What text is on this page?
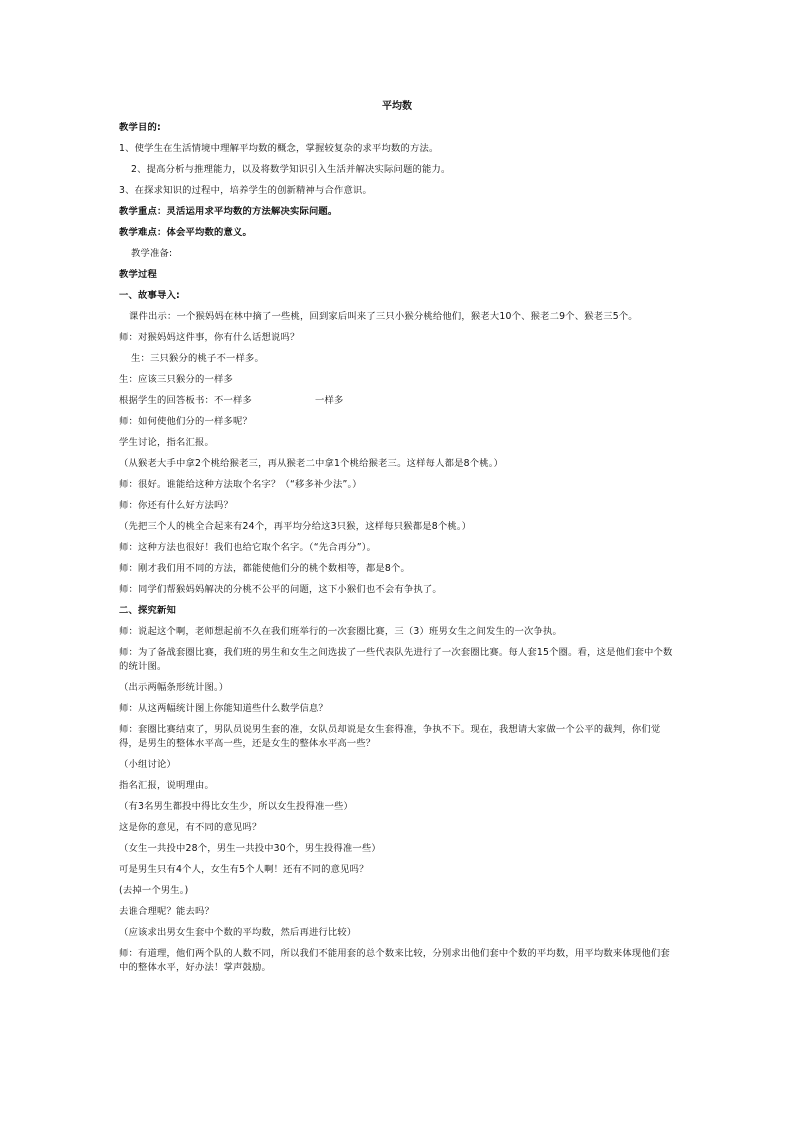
平均数
教学目的:
1、使学生在生活情境中理解平均数的概念，掌握较复杂的求平均数的方法。
2、提高分析与推理能力，以及将数学知识引入生活并解决实际问题的能力。
3、在探求知识的过程中，培养学生的创新精神与合作意识。
教学重点：灵活运用求平均数的方法解决实际问题。
教学难点：体会平均数的意义。
教学准备:
教学过程
一、故事导入:
课件出示：一个猴妈妈在林中摘了一些桃，回到家后叫来了三只小猴分桃给他们，猴老大10个、猴老二9个、猴老三5个。
师：对猴妈妈这件事，你有什么话想说吗？
生：三只猴分的桃子不一样多。
生：应该三只猴分的一样多
根据学生的回答板书：不一样多                    一样多
师：如何使他们分的一样多呢？
学生讨论，指名汇报。
（从猴老大手中拿2个桃给猴老三，再从猴老二中拿1个桃给猴老三。这样每人都是8个桃。）
师：很好。谁能给这种方法取个名字？（“移多补少法”。）
师：你还有什么好方法吗？
（先把三个人的桃全合起来有24个，再平均分给这3只猴，这样每只猴都是8个桃。）
师：这种方法也很好！我们也给它取个名字。（“先合再分”）。
师：刚才我们用不同的方法，都能使他们分的桃个数相等，都是8个。
师：同学们帮猴妈妈解决的分桃不公平的问题，这下小猴们也不会有争执了。
二、探究新知
师：说起这个啊，老师想起前不久在我们班举行的一次套圈比赛，三（3）班男女生之间发生的一次争执。
师：为了备战套圈比赛，我们班的男生和女生之间选拔了一些代表队先进行了一次套圈比赛。每人套15个圈。看，这是他们套中个数的统计图。
（出示两幅条形统计图。）
师：从这两幅统计图上你能知道些什么数学信息？
师：套圈比赛结束了，男队员说男生套的准，女队员却说是女生套得准，争执不下。现在，我想请大家做一个公平的裁判，你们觉得，是男生的整体水平高一些，还是女生的整体水平高一些？
（小组讨论）
指名汇报，说明理由。
（有3名男生都投中得比女生少，所以女生投得准一些）
这是你的意见，有不同的意见吗？
（女生一共投中28个，男生一共投中30个，男生投得准一些）
可是男生只有4个人，女生有5个人啊！还有不同的意见吗？
(去掉一个男生。)
去谁合理呢？能去吗？
（应该求出男女生套中个数的平均数，然后再进行比较）
师：有道理，他们两个队的人数不同，所以我们不能用套的总个数来比较，分别求出他们套中个数的平均数，用平均数来体现他们套中的整体水平，好办法！掌声鼓励。
